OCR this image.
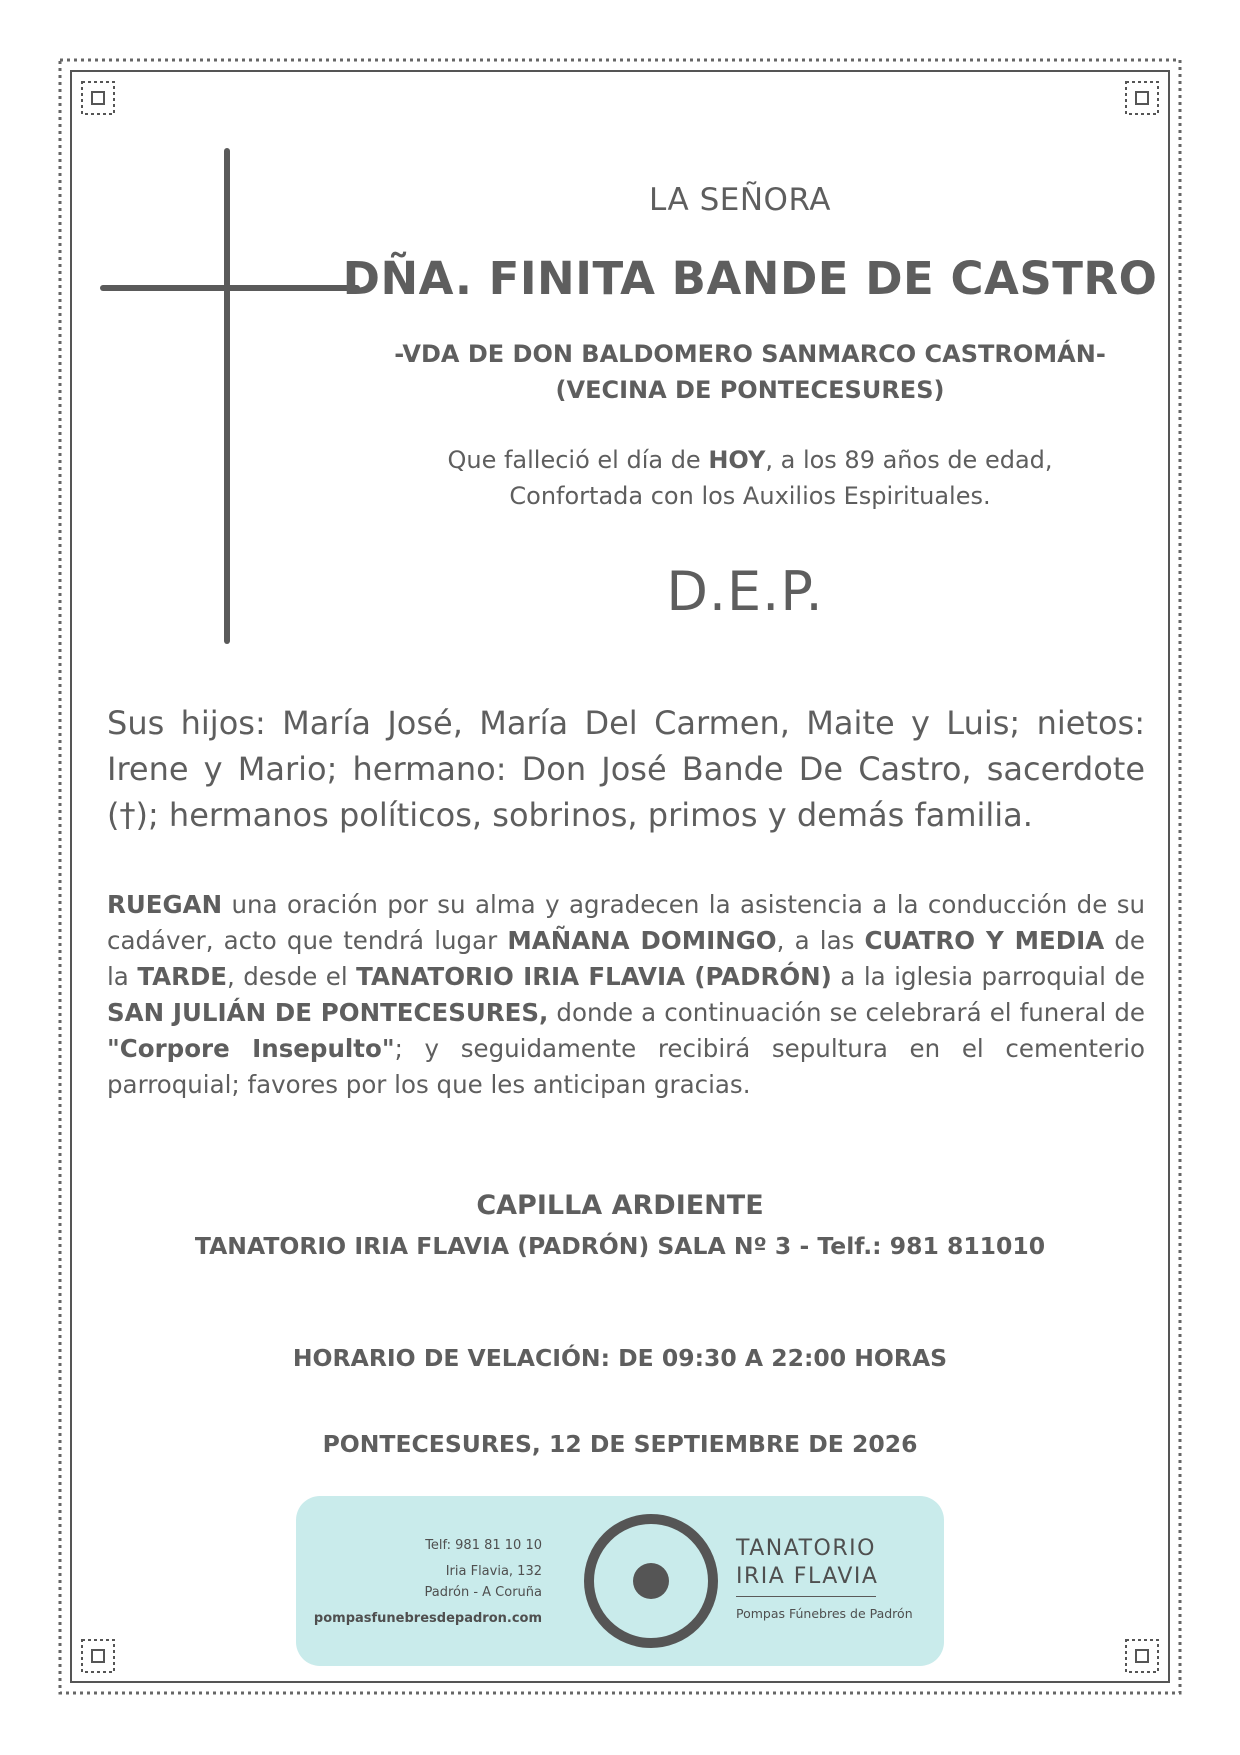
LA SEÑORA
DÑA. FINITA BANDE DE CASTRO
-VDA DE DON BALDOMERO SANMARCO CASTROMÁN-
(VECINA DE PONTECESURES)
Que falleció el día de HOY, a los 89 años de edad,
Confortada con los Auxilios Espirituales.
D.E.P.
Sus hijos: María José, María Del Carmen, Maite y Luis; nietos: Irene y Mario; hermano: Don José Bande De Castro, sacerdote (†); hermanos políticos, sobrinos, primos y demás familia.
RUEGAN una oración por su alma y agradecen la asistencia a la conducción de su cadáver, acto que tendrá lugar MAÑANA DOMINGO, a las CUATRO Y MEDIA de la TARDE, desde el TANATORIO IRIA FLAVIA (PADRÓN) a la iglesia parroquial de SAN JULIÁN DE PONTECESURES, donde a continuación se celebrará el funeral de "Corpore Insepulto"; y seguidamente recibirá sepultura en el cementerio parroquial; favores por los que les anticipan gracias.
CAPILLA ARDIENTE
TANATORIO IRIA FLAVIA (PADRÓN) SALA Nº 3 - Telf.: 981 811010
HORARIO DE VELACIÓN: DE 09:30 A 22:00 HORAS
PONTECESURES, 12 DE SEPTIEMBRE DE 2026
Telf: 981 81 10 10
Iria Flavia, 132
Padrón - A Coruña
pompasfunebresdepadron.com
TANATORIO
IRIA FLAVIA
Pompas Fúnebres de Padrón
